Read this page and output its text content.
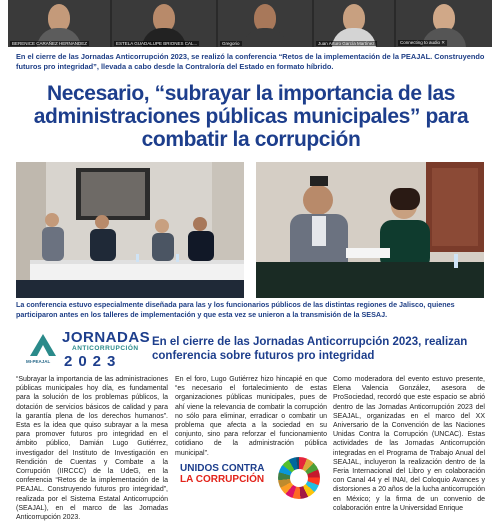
BERENICE CARAÑEZ HERNANDEZ	ESTELA GUADALUPE BRIONES CAL...	Gregorio	Juan Arturo García Martínez	Connecting to audio ✕
En el cierre de las Jornadas Anticorrupción 2023, se realizó la conferencia “Retos de la implementación de la PEAJAL. Construyendo futuros pro integridad”, llevada a cabo desde la Contraloría del Estado en formato híbrido.
Necesario, “subrayar la importancia de las administraciones públicas municipales” para combatir la corrupción
La conferencia estuvo especialmente diseñada para las y los funcionarios públicos de las distintas regiones de Jalisco, quienes participaron antes en los talleres de implementación y que esta vez se unieron a la transmisión de la SESAJ.
MI-PEAJAL
JORNADAS
ANTICORRUPCIÓN
2023
En el cierre de las Jornadas Anticorrupción 2023, realizan conferencia sobre futuros pro integridad
“Subrayar la importancia de las administraciones públicas municipales hoy día, es fundamental para la solución de los problemas públicos, la dotación de servicios básicos de calidad y para la garantía plena de los derechos humanos”. Esta es la idea que quiso subrayar a la mesa para promover futuros pro integridad en el ámbito público, Damián Lugo Gutiérrez, investigador del Instituto de Investigación en Rendición de Cuentas y Combate a la Corrupción (IIRCCC) de la UdeG, en la conferencia “Retos de la implementación de la PEAJAL. Construyendo futuros pro integridad”, realizada por el Sistema Estatal Anticorrupción (SEAJAL), en el marco de las Jornadas Anticorrupción 2023.
En el foro, Lugo Gutiérrez hizo hincapié en que “es necesario el fortalecimiento de estas organizaciones públicas municipales, pues de ahí viene la relevancia de combatir la corrupción no sólo para eliminar, erradicar o combatir un problema que afecta a la sociedad en su conjunto, sino para reforzar el funcionamiento cotidiano de la administración pública municipal”.
Como moderadora del evento estuvo presente, Elena Valencia González, asesora de ProSociedad, recordó que este espacio se abrió dentro de las Jornadas Anticorrupción 2023 del SEAJAL, organizadas en el marco del XX Aniversario de la Convención de las Naciones Unidas Contra la Corrupción (UNCAC). Estas actividades de las Jornadas Anticorrupción integradas en el Programa de Trabajo Anual del SEAJAL, incluyeron la realización dentro de la Feria Internacional del Libro y en colaboración con Canal 44 y el INAI, del Coloquio Avances y distorsiones a 20 años de la lucha anticorrupción en México; y la firma de un convenio de colaboración entre la Universidad Enrique
UNIDOS CONTRA
LA CORRUPCIÓN
